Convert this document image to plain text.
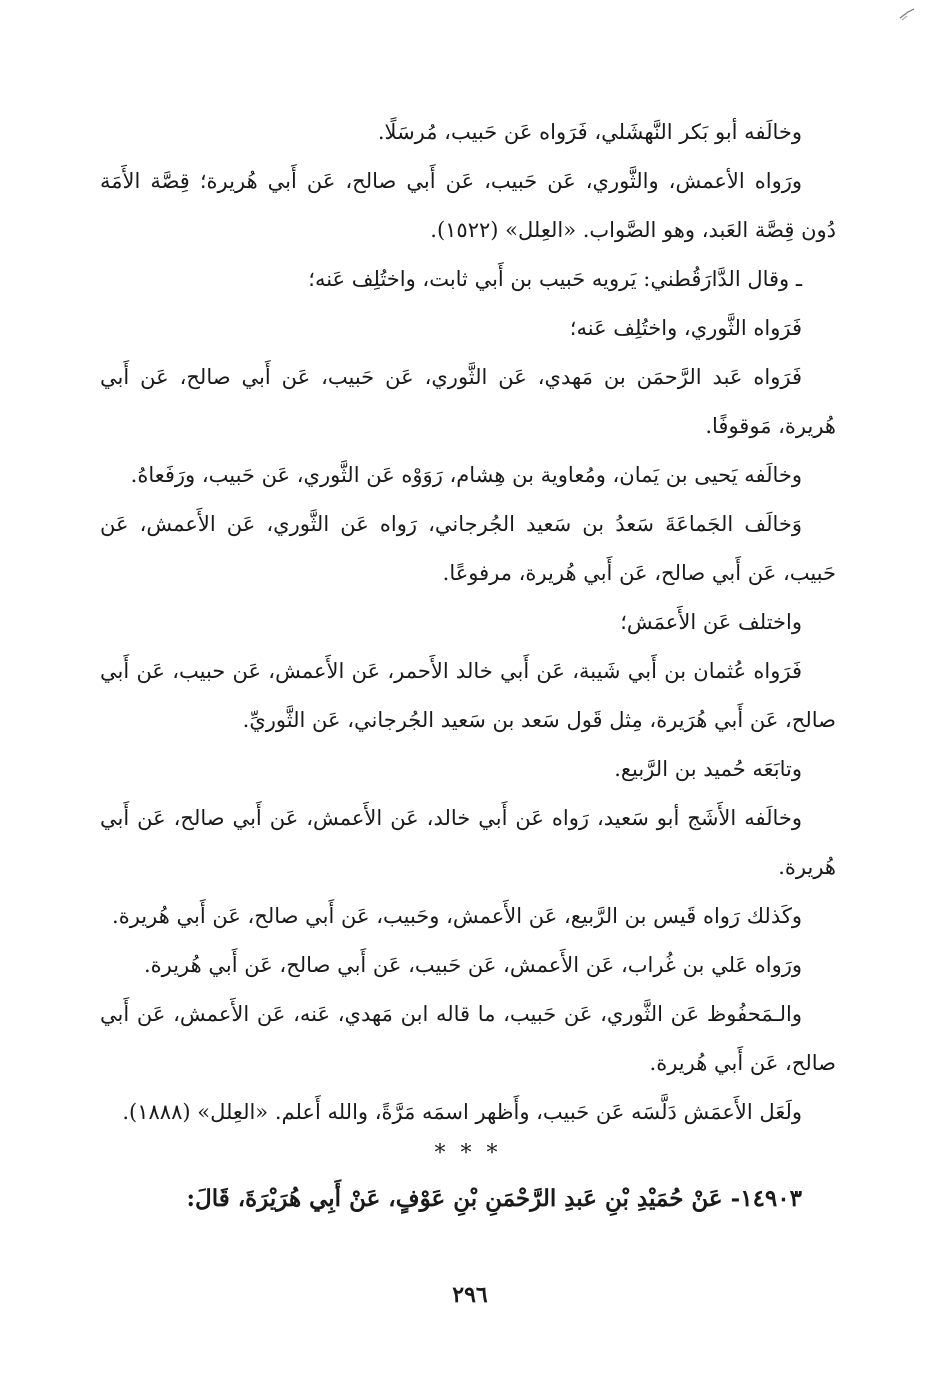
وخالَفه أبو بَكر النَّهشَلي، فَرَواه عَن حَبيب، مُرسَلًا.

ورَواه الأعمش، والثَّوري، عَن حَبيب، عَن أَبي صالح، عَن أَبي هُريرة؛ قِصَّة الأَمَة دُون قِصَّة العَبد، وهو الصَّواب. «العِلل» (١٥٢٢).

ـ وقال الدَّارَقُطني: يَرويه حَبيب بن أَبي ثابت، واختُلِف عَنه؛

فَرَواه الثَّوري، واختُلِف عَنه؛

فَرَواه عَبد الرَّحمَن بن مَهدي، عَن الثَّوري، عَن حَبيب، عَن أَبي صالح، عَن أَبي هُريرة، مَوقوفًا.

وخالَفه يَحيى بن يَمان، ومُعاوية بن هِشام، رَوَوْه عَن الثَّوري، عَن حَبيب، ورَفَعاهُ.

وَخالَف الجَماعَةَ سَعدُ بن سَعيد الجُرجاني، رَواه عَن الثَّوري، عَن الأَعمش، عَن حَبيب، عَن أَبي صالح، عَن أَبي هُريرة، مرفوعًا.

واختلف عَن الأَعمَش؛

فَرَواه عُثمان بن أَبي شَيبة، عَن أَبي خالد الأَحمر، عَن الأَعمش، عَن حبيب، عَن أَبي صالح، عَن أَبي هُرَيرة، مِثل قَول سَعد بن سَعيد الجُرجاني، عَن الثَّوريِّ.

وتابَعَه حُميد بن الرَّبيع.

وخالَفه الأَشَج أبو سَعيد، رَواه عَن أَبي خالد، عَن الأَعمش، عَن أَبي صالح، عَن أَبي هُريرة.

وكَذلك رَواه قَيس بن الرَّبيع، عَن الأَعمش، وحَبيب، عَن أَبي صالح، عَن أَبي هُريرة.

ورَواه عَلي بن غُراب، عَن الأَعمش، عَن حَبيب، عَن أَبي صالح، عَن أَبي هُريرة.

والـمَحفُوظ عَن الثَّوري، عَن حَبيب، ما قاله ابن مَهدي، عَنه، عَن الأَعمش، عَن أَبي صالح، عَن أَبي هُريرة.

ولَعَل الأَعمَش دَلَّسَه عَن حَبيب، وأَظهر اسمَه مَرَّةً، والله أَعلم. «العِلل» (١٨٨٨).

* * *

١٤٩٠٣- عَنْ حُمَيْدِ بْنِ عَبدِ الرَّحْمَنِ بْنِ عَوْفٍ، عَنْ أَبِي هُرَيْرَةَ، قَالَ:

٢٩٦
